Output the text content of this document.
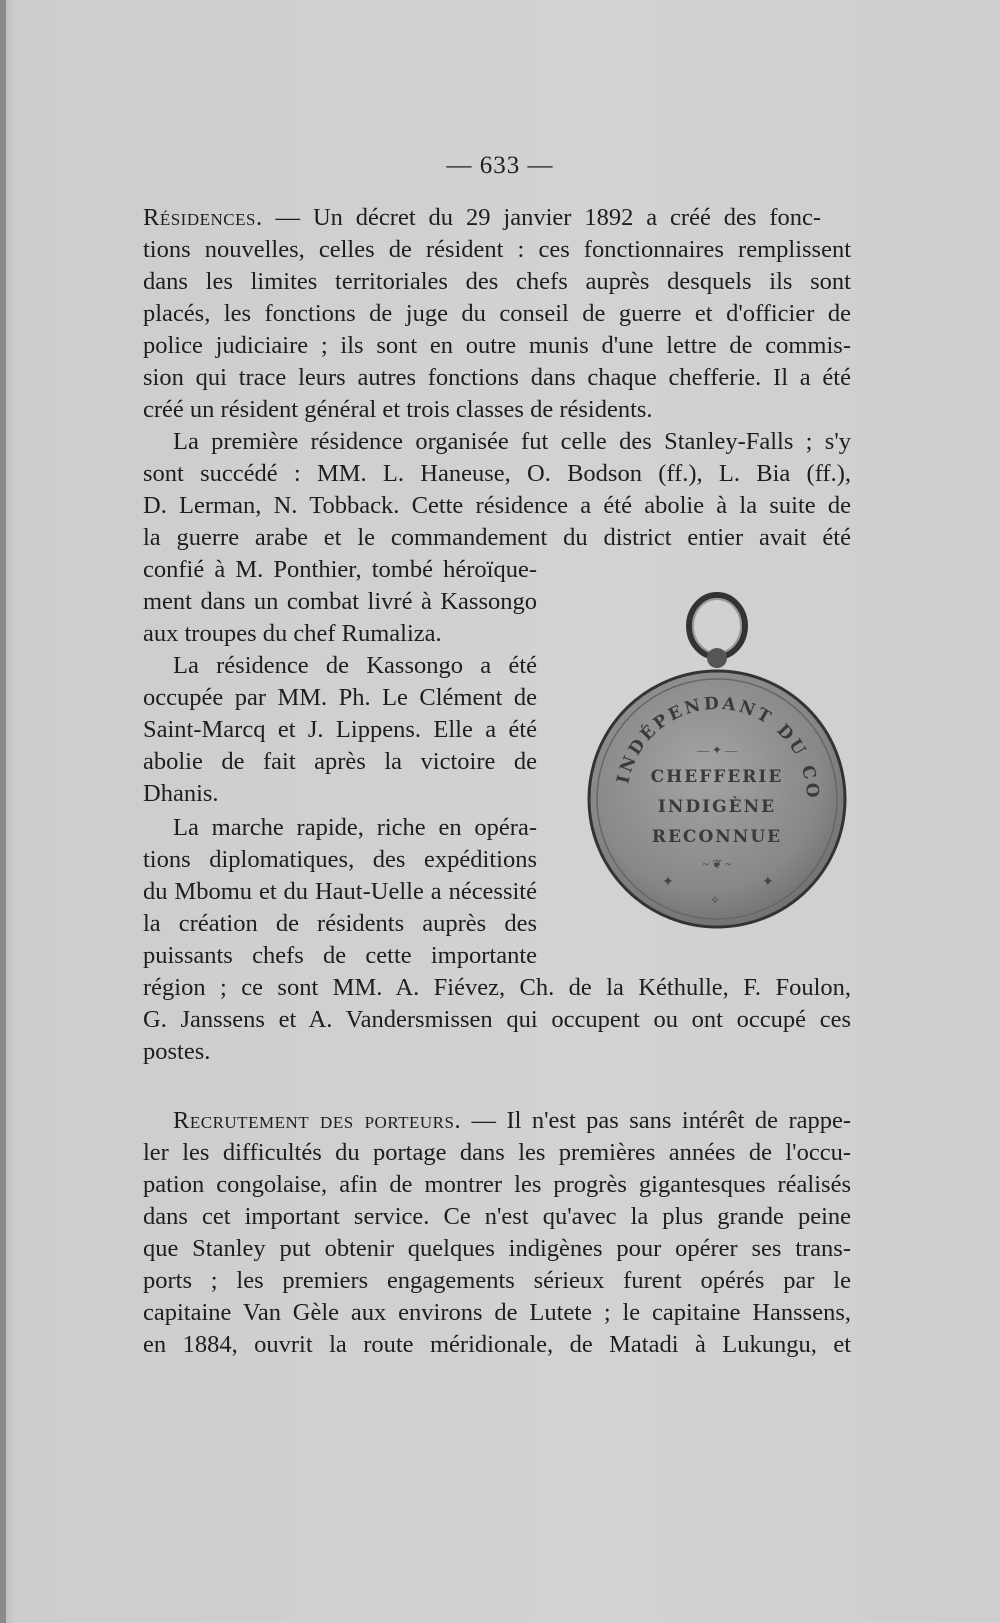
— 633 —
Résidences. — Un décret du 29 janvier 1892 a créé des fonc-
tions nouvelles, celles de résident : ces fonctionnaires remplissent
dans les limites territoriales des chefs auprès desquels ils sont
placés, les fonctions de juge du conseil de guerre et d'officier de
police judiciaire ; ils sont en outre munis d'une lettre de commis-
sion qui trace leurs autres fonctions dans chaque chefferie. Il a été
créé un résident général et trois classes de résidents.
La première résidence organisée fut celle des Stanley-Falls ; s'y
sont succédé : MM. L. Haneuse, O. Bodson (ff.), L. Bia (ff.),
D. Lerman, N. Tobback. Cette résidence a été abolie à la suite de
la guerre arabe et le commandement du district entier avait été
confié à M. Ponthier, tombé héroïque-
ment dans un combat livré à Kassongo
aux troupes du chef Rumaliza.
La résidence de Kassongo a été
occupée par MM. Ph. Le Clément de
Saint-Marcq et J. Lippens. Elle a été
abolie de fait après la victoire de
Dhanis.
La marche rapide, riche en opéra-
tions diplomatiques, des expéditions
du Mbomu et du Haut-Uelle a nécessité
la création de résidents auprès des
puissants chefs de cette importante
région ; ce sont MM. A. Fiévez, Ch. de la Kéthulle, F. Foulon,
G. Janssens et A. Vandersmissen qui occupent ou ont occupé ces
postes.
INDÉPENDANT DU CO
— ✦ —
CHEFFERIE
INDIGÈNE
RECONNUE
~ ❦ ~
✦	✦
✧
Recrutement des porteurs. — Il n'est pas sans intérêt de rappe-
ler les difficultés du portage dans les premières années de l'occu-
pation congolaise, afin de montrer les progrès gigantesques réalisés
dans cet important service. Ce n'est qu'avec la plus grande peine
que Stanley put obtenir quelques indigènes pour opérer ses trans-
ports ; les premiers engagements sérieux furent opérés par le
capitaine Van Gèle aux environs de Lutete ; le capitaine Hanssens,
en 1884, ouvrit la route méridionale, de Matadi à Lukungu, et
